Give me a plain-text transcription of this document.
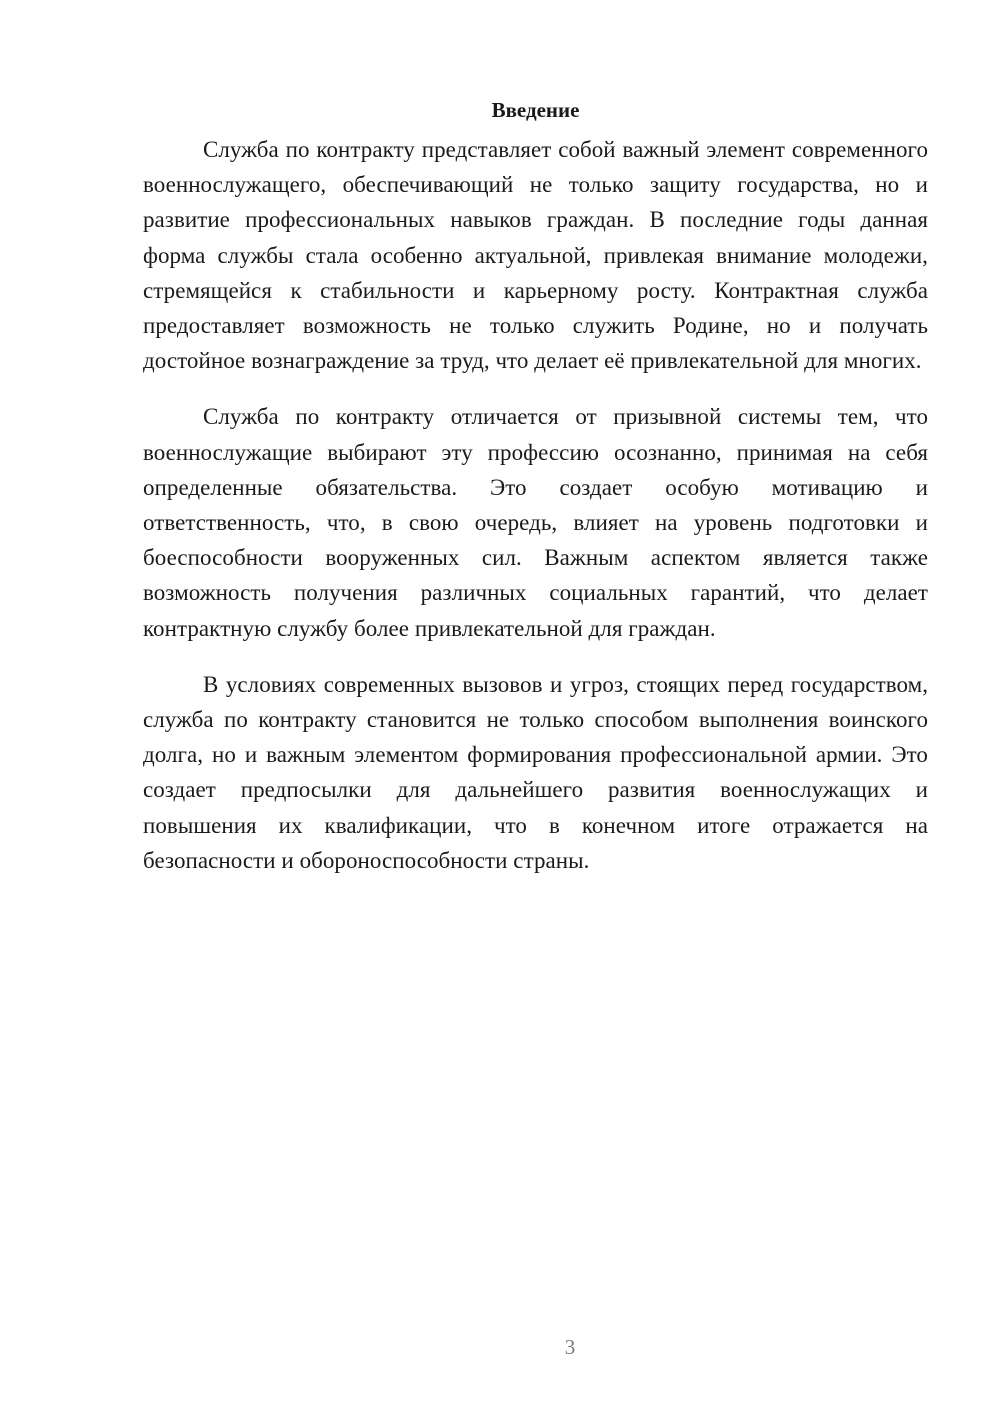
Введение

Служба по контракту представляет собой важный элемент современного военнослужащего, обеспечивающий не только защиту государства, но и развитие профессиональных навыков граждан. В последние годы данная форма службы стала особенно актуальной, привлекая внимание молодежи, стремящейся к стабильности и карьерному росту. Контрактная служба предоставляет возможность не только служить Родине, но и получать достойное вознаграждение за труд, что делает её привлекательной для многих.

Служба по контракту отличается от призывной системы тем, что военнослужащие выбирают эту профессию осознанно, принимая на себя определенные обязательства. Это создает особую мотивацию и ответственность, что, в свою очередь, влияет на уровень подготовки и боеспособности вооруженных сил. Важным аспектом является также возможность получения различных социальных гарантий, что делает контрактную службу более привлекательной для граждан.

В условиях современных вызовов и угроз, стоящих перед государством, служба по контракту становится не только способом выполнения воинского долга, но и важным элементом формирования профессиональной армии. Это создает предпосылки для дальнейшего развития военнослужащих и повышения их квалификации, что в конечном итоге отражается на безопасности и обороноспособности страны.

3
